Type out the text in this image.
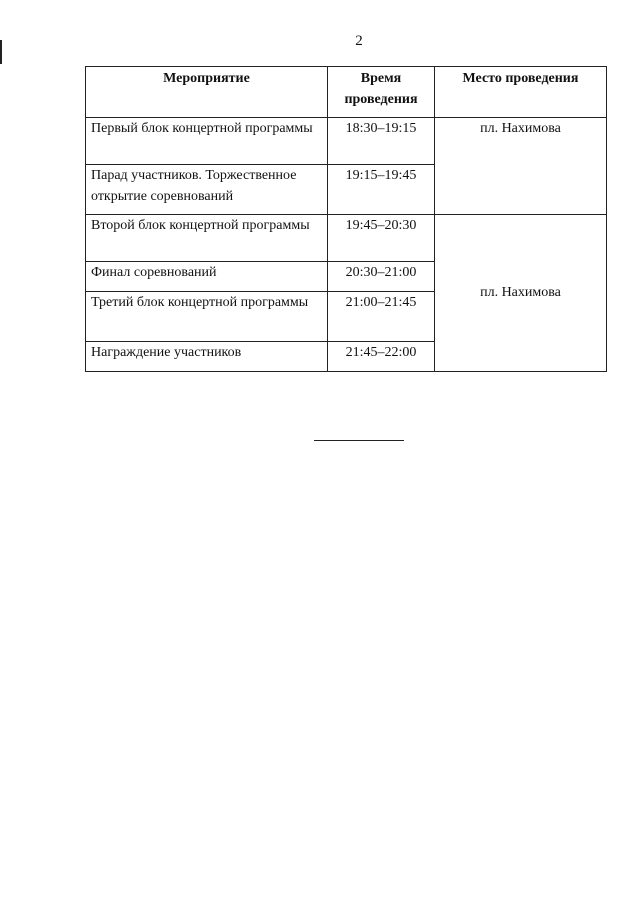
2
Мероприятие	Время проведения	Место проведения
Первый блок концертной программы	18:30–19:15	пл. Нахимова
Парад участников. Торжественное открытие соревнований	19:15–19:45	
Второй блок концертной программы	19:45–20:30	пл. Нахимова
Финал соревнований	20:30–21:00	
Третий блок концертной программы	21:00–21:45	
Награждение участников	21:45–22:00	
